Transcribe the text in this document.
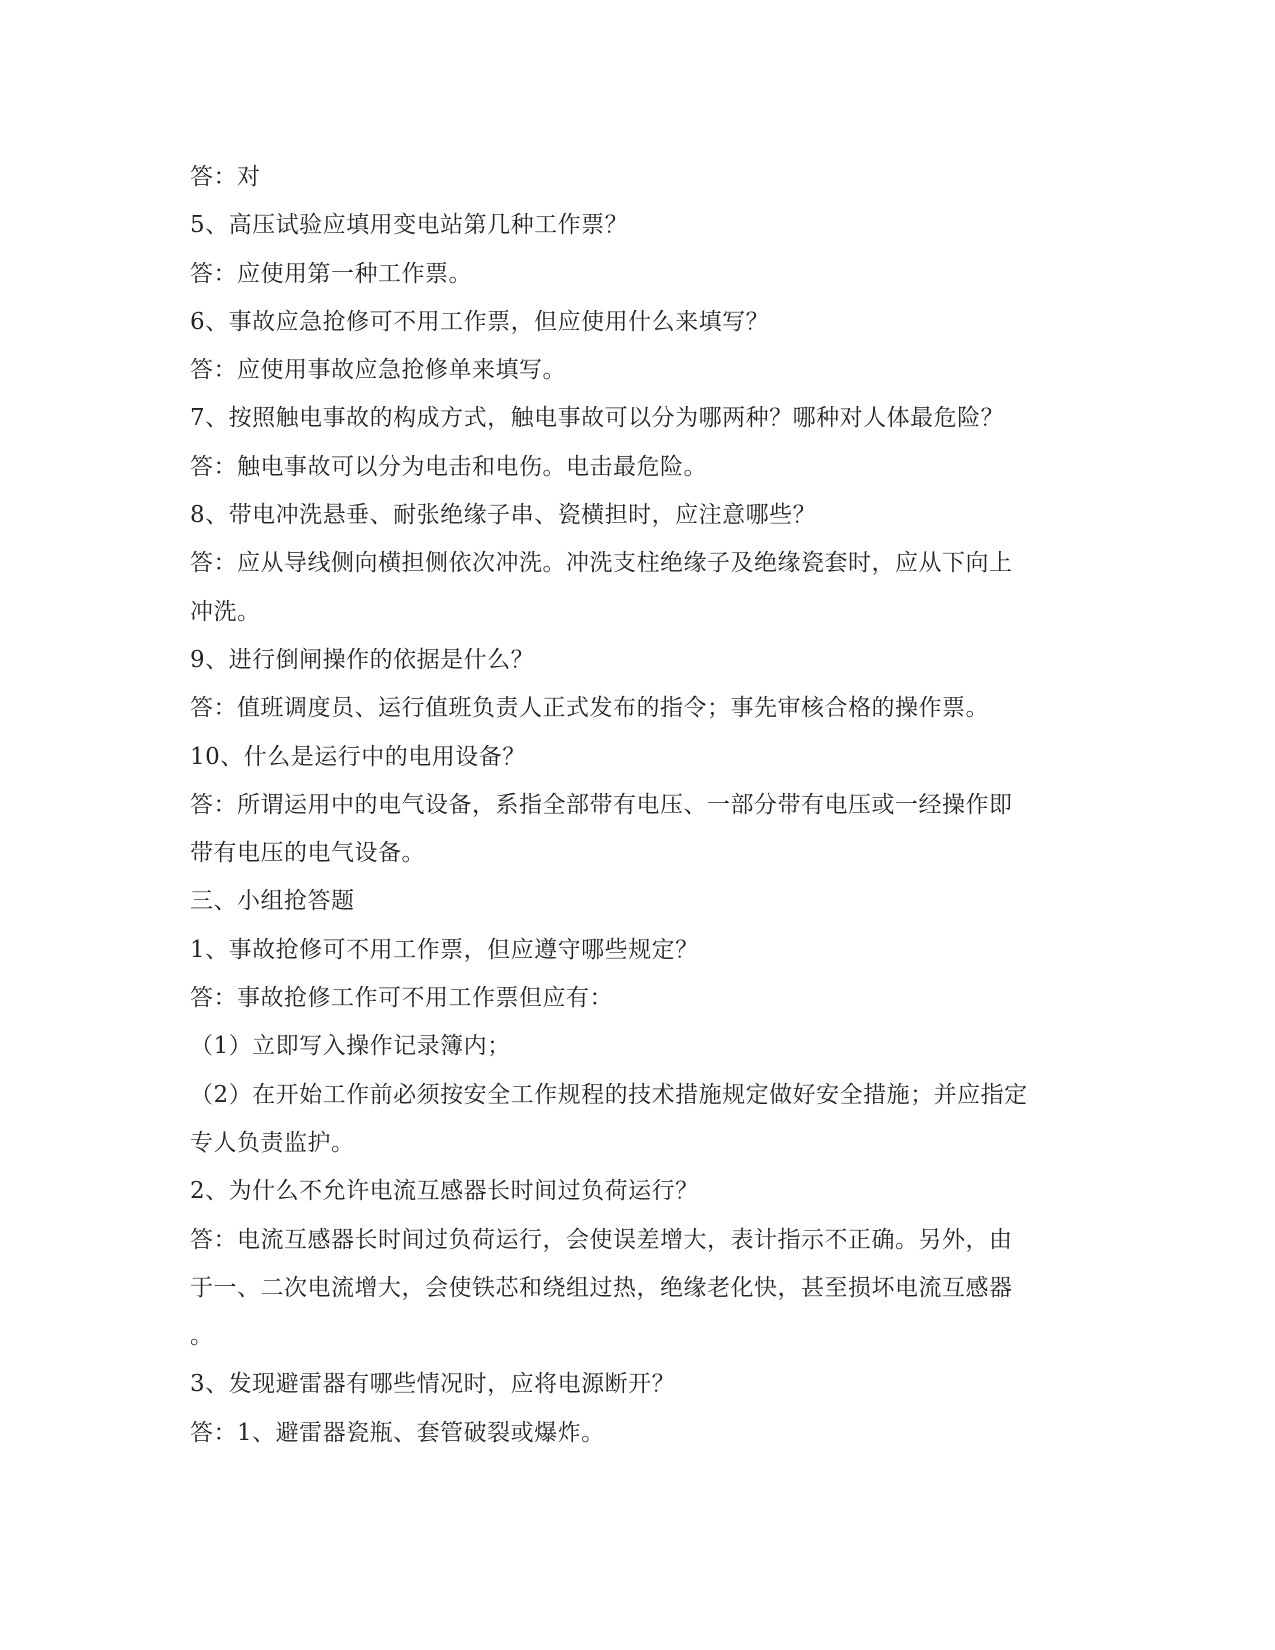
答：对
5、高压试验应填用变电站第几种工作票？
答：应使用第一种工作票。
6、事故应急抢修可不用工作票，但应使用什么来填写？
答：应使用事故应急抢修单来填写。
7、按照触电事故的构成方式，触电事故可以分为哪两种？哪种对人体最危险？
答：触电事故可以分为电击和电伤。电击最危险。
8、带电冲洗悬垂、耐张绝缘子串、瓷横担时，应注意哪些？
答：应从导线侧向横担侧依次冲洗。冲洗支柱绝缘子及绝缘瓷套时，应从下向上
冲洗。
9、进行倒闸操作的依据是什么？
答：值班调度员、运行值班负责人正式发布的指令；事先审核合格的操作票。
10、什么是运行中的电用设备？
答：所谓运用中的电气设备，系指全部带有电压、一部分带有电压或一经操作即
带有电压的电气设备。
三、小组抢答题
1、事故抢修可不用工作票，但应遵守哪些规定？
答：事故抢修工作可不用工作票但应有：
（1）立即写入操作记录簿内；
（2）在开始工作前必须按安全工作规程的技术措施规定做好安全措施；并应指定
专人负责监护。
2、为什么不允许电流互感器长时间过负荷运行？
答：电流互感器长时间过负荷运行，会使误差增大，表计指示不正确。另外，由
于一、二次电流增大，会使铁芯和绕组过热，绝缘老化快，甚至损坏电流互感器
。
3、发现避雷器有哪些情况时，应将电源断开？
答：1、避雷器瓷瓶、套管破裂或爆炸。
